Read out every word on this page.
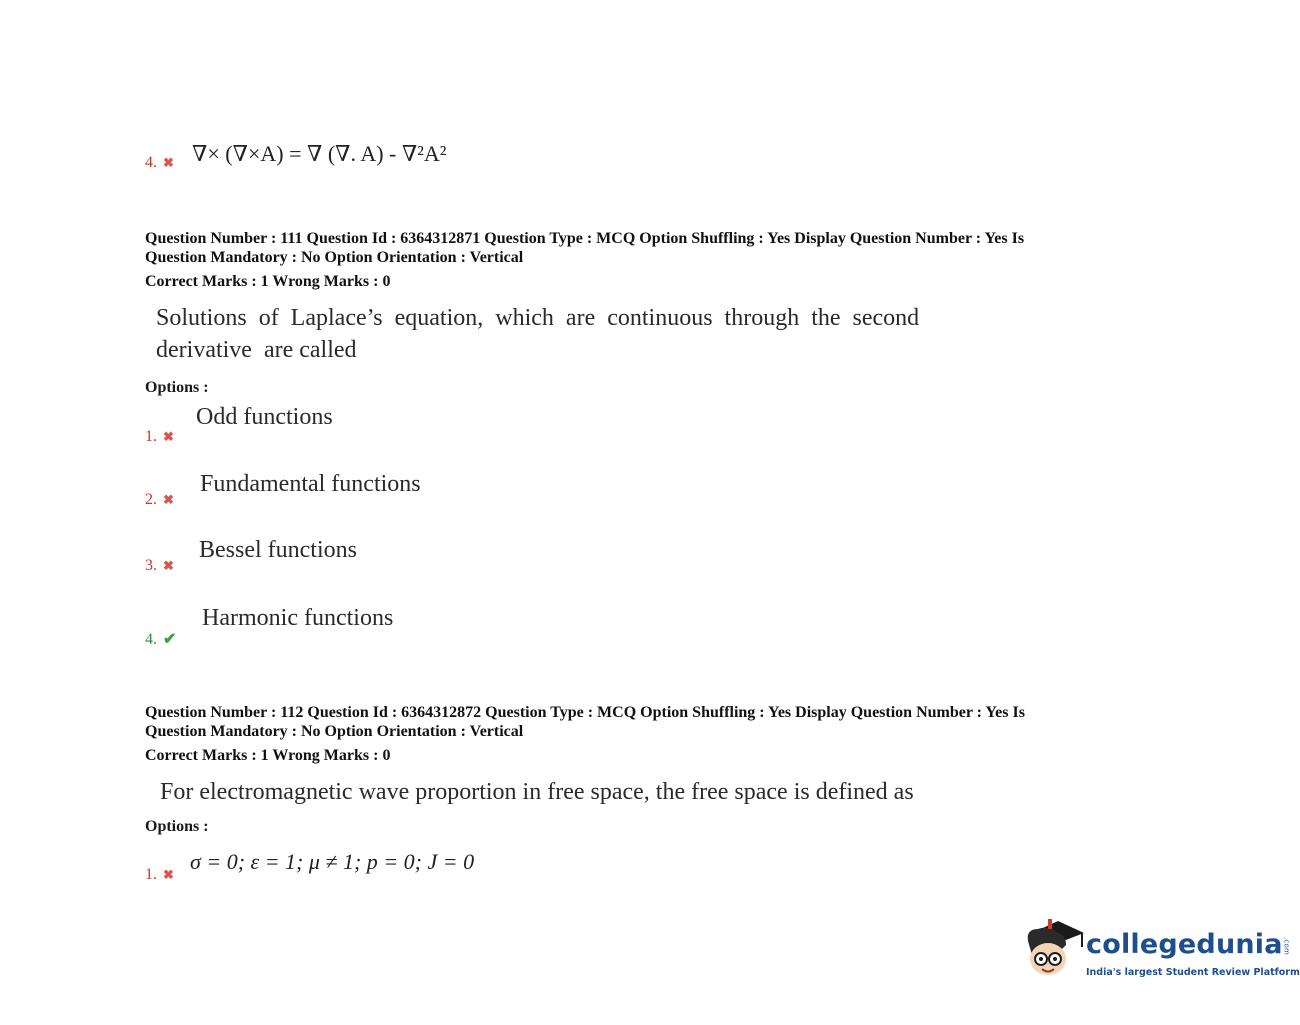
4. ✖ ∇× (∇×A) = ∇ (∇. A) - ∇²A²
Question Number : 111 Question Id : 6364312871 Question Type : MCQ Option Shuffling : Yes Display Question Number : Yes Is
Question Mandatory : No Option Orientation : Vertical
Correct Marks : 1 Wrong Marks : 0
Solutions  of  Laplace’s  equation,  which  are  continuous  through  the  second
derivative  are called
Options :
1. ✖
Odd functions
2. ✖
Fundamental functions
3. ✖
Bessel functions
4. ✔
Harmonic functions
Question Number : 112 Question Id : 6364312872 Question Type : MCQ Option Shuffling : Yes Display Question Number : Yes Is
Question Mandatory : No Option Orientation : Vertical
Correct Marks : 1 Wrong Marks : 0
For electromagnetic wave proportion in free space, the free space is defined as
Options :
1. ✖
σ = 0; ε = 1; μ ≠ 1; p = 0; J = 0
collegedunia.com
India's largest Student Review Platform
